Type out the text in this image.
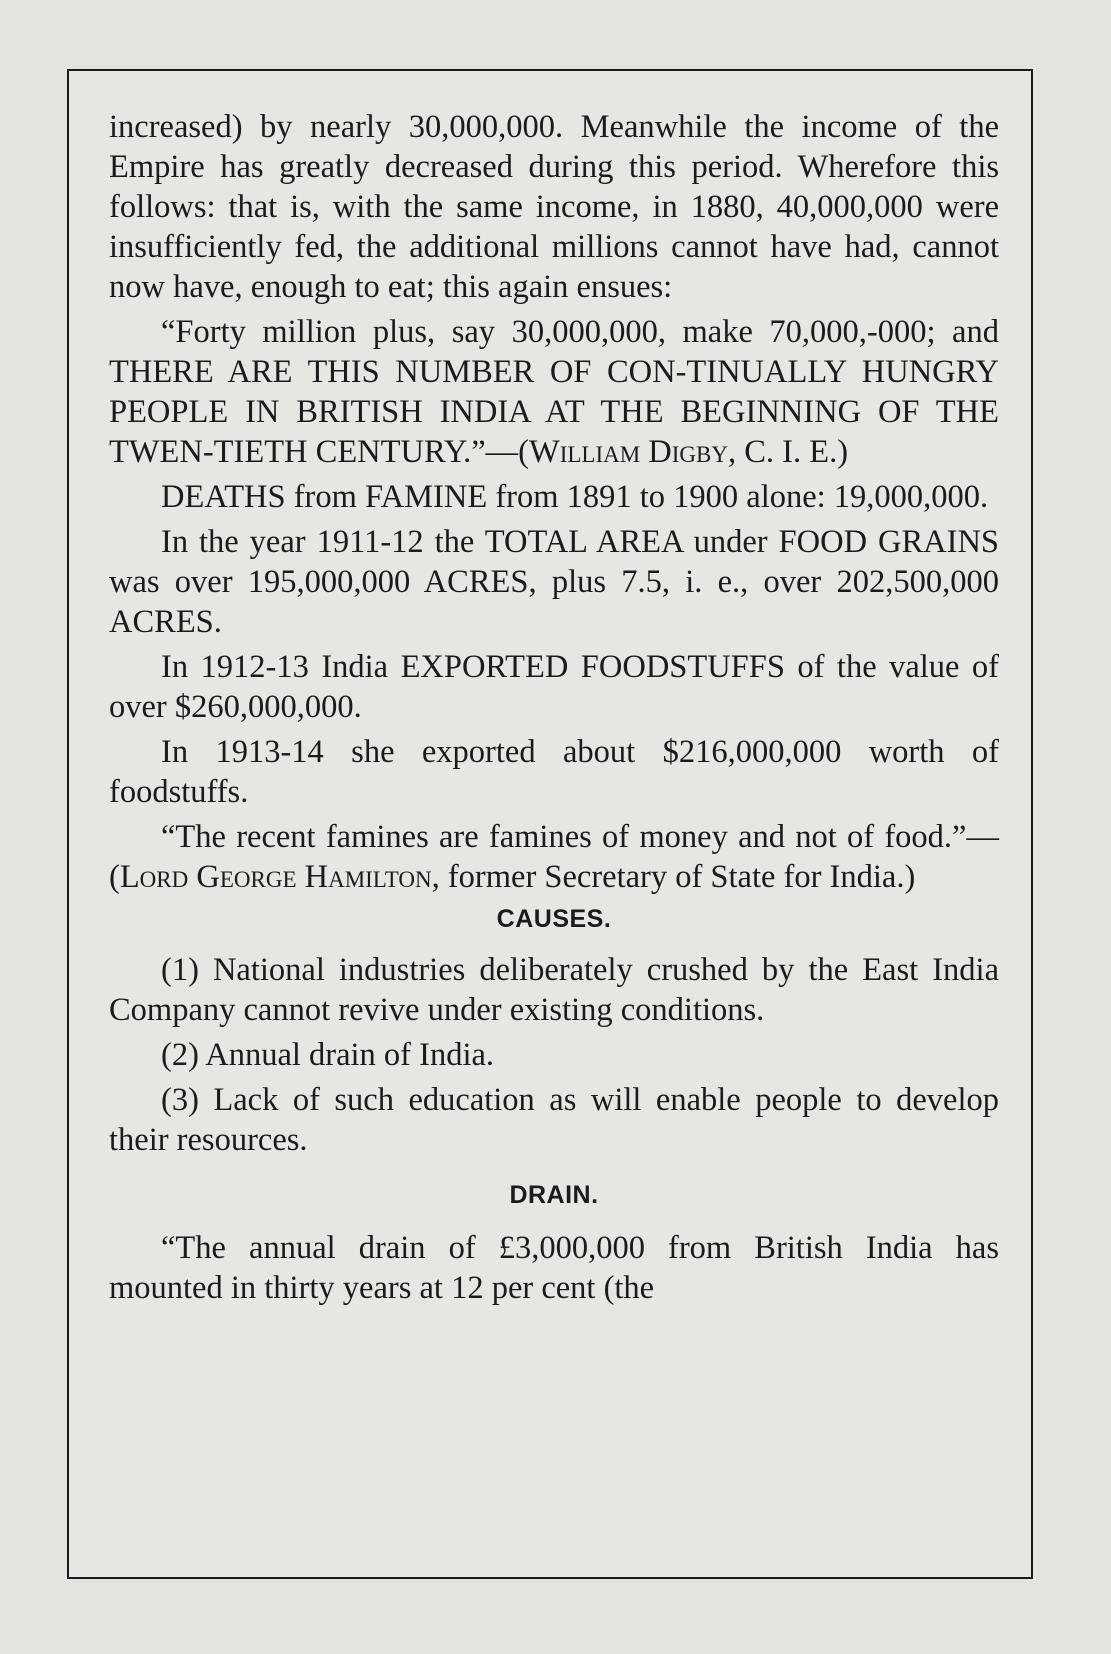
increased) by nearly 30,000,000. Meanwhile the income of the Empire has greatly decreased during this period. Wherefore this follows: that is, with the same income, in 1880, 40,000,000 were insufficiently fed, the additional millions cannot have had, cannot now have, enough to eat; this again ensues:

“Forty million plus, say 30,000,000, make 70,000,-000; and THERE ARE THIS NUMBER OF CON-TINUALLY HUNGRY PEOPLE IN BRITISH INDIA AT THE BEGINNING OF THE TWEN-TIETH CENTURY.”—(William Digby, C. I. E.)

DEATHS from FAMINE from 1891 to 1900 alone: 19,000,000.

In the year 1911-12 the TOTAL AREA under FOOD GRAINS was over 195,000,000 ACRES, plus 7.5, i. e., over 202,500,000 ACRES.

In 1912-13 India EXPORTED FOODSTUFFS of the value of over $260,000,000.

In 1913-14 she exported about $216,000,000 worth of foodstuffs.

“The recent famines are famines of money and not of food.”—(Lord George Hamilton, former Secretary of State for India.)

CAUSES.

(1) National industries deliberately crushed by the East India Company cannot revive under existing conditions.

(2) Annual drain of India.

(3) Lack of such education as will enable people to develop their resources.

DRAIN.

“The annual drain of £3,000,000 from British India has mounted in thirty years at 12 per cent (the
